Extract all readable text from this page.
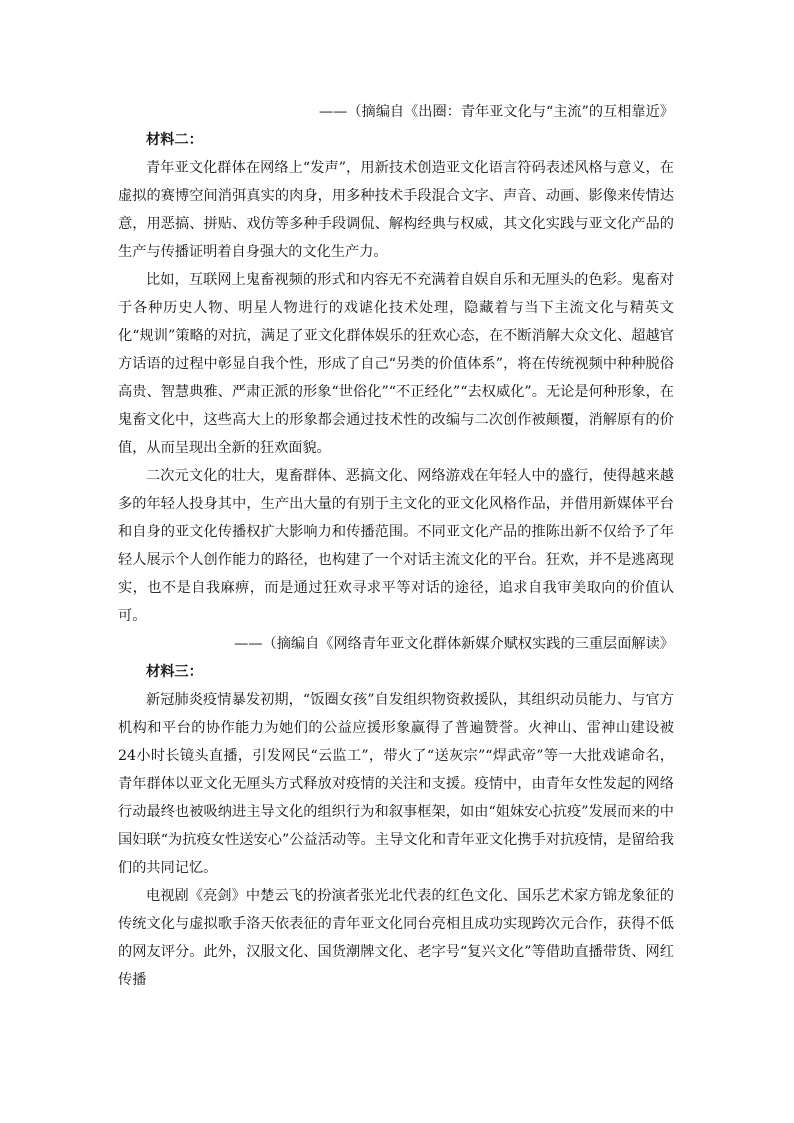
——（摘编自《出圈：青年亚文化与“主流”的互相靠近》

材料二：

青年亚文化群体在网络上“发声”，用新技术创造亚文化语言符码表述风格与意义，在虚拟的赛博空间消弭真实的肉身，用多种技术手段混合文字、声音、动画、影像来传情达意，用恶搞、拼贴、戏仿等多种手段调侃、解构经典与权威，其文化实践与亚文化产品的生产与传播证明着自身强大的文化生产力。

比如，互联网上鬼畜视频的形式和内容无不充满着自娱自乐和无厘头的色彩。鬼畜对于各种历史人物、明星人物进行的戏谑化技术处理，隐藏着与当下主流文化与精英文化“规训”策略的对抗，满足了亚文化群体娱乐的狂欢心态，在不断消解大众文化、超越官方话语的过程中彰显自我个性，形成了自己“另类的价值体系”，将在传统视频中种种脱俗高贵、智慧典雅、严肃正派的形象“世俗化”“不正经化”“去权威化”。无论是何种形象，在鬼畜文化中，这些高大上的形象都会通过技术性的改编与二次创作被颠覆，消解原有的价值，从而呈现出全新的狂欢面貌。

二次元文化的壮大，鬼畜群体、恶搞文化、网络游戏在年轻人中的盛行，使得越来越多的年轻人投身其中，生产出大量的有别于主文化的亚文化风格作品，并借用新媒体平台和自身的亚文化传播权扩大影响力和传播范围。不同亚文化产品的推陈出新不仅给予了年轻人展示个人创作能力的路径，也构建了一个对话主流文化的平台。狂欢，并不是逃离现实，也不是自我麻痹，而是通过狂欢寻求平等对话的途径，追求自我审美取向的价值认可。

——（摘编自《网络青年亚文化群体新媒介赋权实践的三重层面解读》

材料三：

新冠肺炎疫情暴发初期，“饭圈女孩”自发组织物资救援队，其组织动员能力、与官方机构和平台的协作能力为她们的公益应援形象赢得了普遍赞誉。火神山、雷神山建设被24小时长镜头直播，引发网民“云监工”，带火了“送灰宗”“焊武帝”等一大批戏谑命名，青年群体以亚文化无厘头方式释放对疫情的关注和支援。疫情中，由青年女性发起的网络行动最终也被吸纳进主导文化的组织行为和叙事框架，如由“姐妹安心抗疫”发展而来的中国妇联“为抗疫女性送安心”公益活动等。主导文化和青年亚文化携手对抗疫情，是留给我们的共同记忆。

电视剧《亮剑》中楚云飞的扮演者张光北代表的红色文化、国乐艺术家方锦龙象征的传统文化与虚拟歌手洛天依表征的青年亚文化同台亮相且成功实现跨次元合作，获得不低的网友评分。此外，汉服文化、国货潮牌文化、老字号“复兴文化”等借助直播带货、网红传播
